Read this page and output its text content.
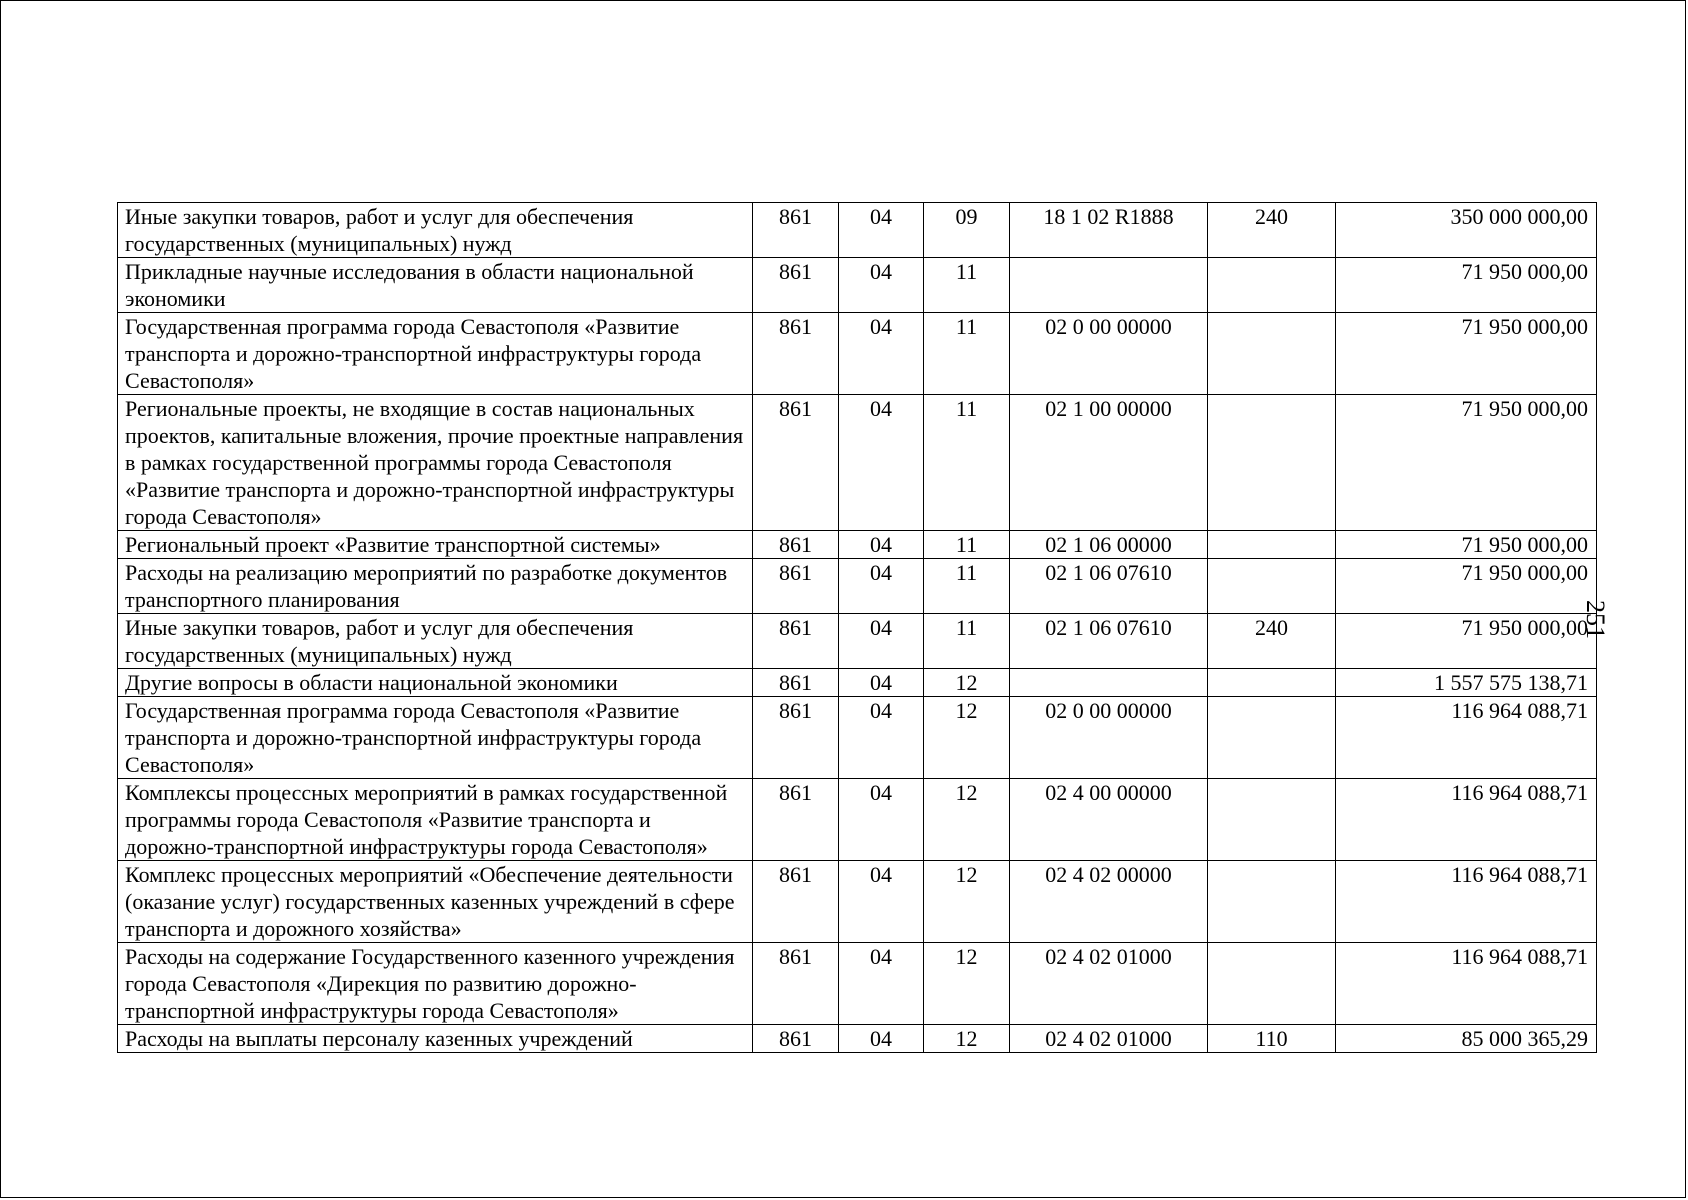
Иные закупки товаров, работ и услуг для обеспечения государственных (муниципальных) нужд	861	04	09	18 1 02 R1888	240	350 000 000,00
Прикладные научные исследования в области национальной экономики	861	04	11			71 950 000,00
Государственная программа города Севастополя «Развитие транспорта и дорожно-транспортной инфраструктуры города Севастополя»	861	04	11	02 0 00 00000		71 950 000,00
Региональные проекты, не входящие в состав национальных проектов, капитальные вложения, прочие проектные направления в рамках государственной программы города Севастополя «Развитие транспорта и дорожно-транспортной инфраструктуры города Севастополя»	861	04	11	02 1 00 00000		71 950 000,00
Региональный проект «Развитие транспортной системы»	861	04	11	02 1 06 00000		71 950 000,00
Расходы на реализацию мероприятий по разработке документов транспортного планирования	861	04	11	02 1 06 07610		71 950 000,00
Иные закупки товаров, работ и услуг для обеспечения государственных (муниципальных) нужд	861	04	11	02 1 06 07610	240	71 950 000,00
Другие вопросы в области национальной экономики	861	04	12			1 557 575 138,71
Государственная программа города Севастополя «Развитие транспорта и дорожно-транспортной инфраструктуры города Севастополя»	861	04	12	02 0 00 00000		116 964 088,71
Комплексы процессных мероприятий в рамках государственной программы города Севастополя «Развитие транспорта и дорожно-транспортной инфраструктуры города Севастополя»	861	04	12	02 4 00 00000		116 964 088,71
Комплекс процессных мероприятий «Обеспечение деятельности (оказание услуг) государственных казенных учреждений в сфере транспорта и дорожного хозяйства»	861	04	12	02 4 02 00000		116 964 088,71
Расходы на содержание Государственного казенного учреждения города Севастополя «Дирекция по развитию дорожно-транспортной инфраструктуры города Севастополя»	861	04	12	02 4 02 01000		116 964 088,71
Расходы на выплаты персоналу казенных учреждений	861	04	12	02 4 02 01000	110	85 000 365,29
251
